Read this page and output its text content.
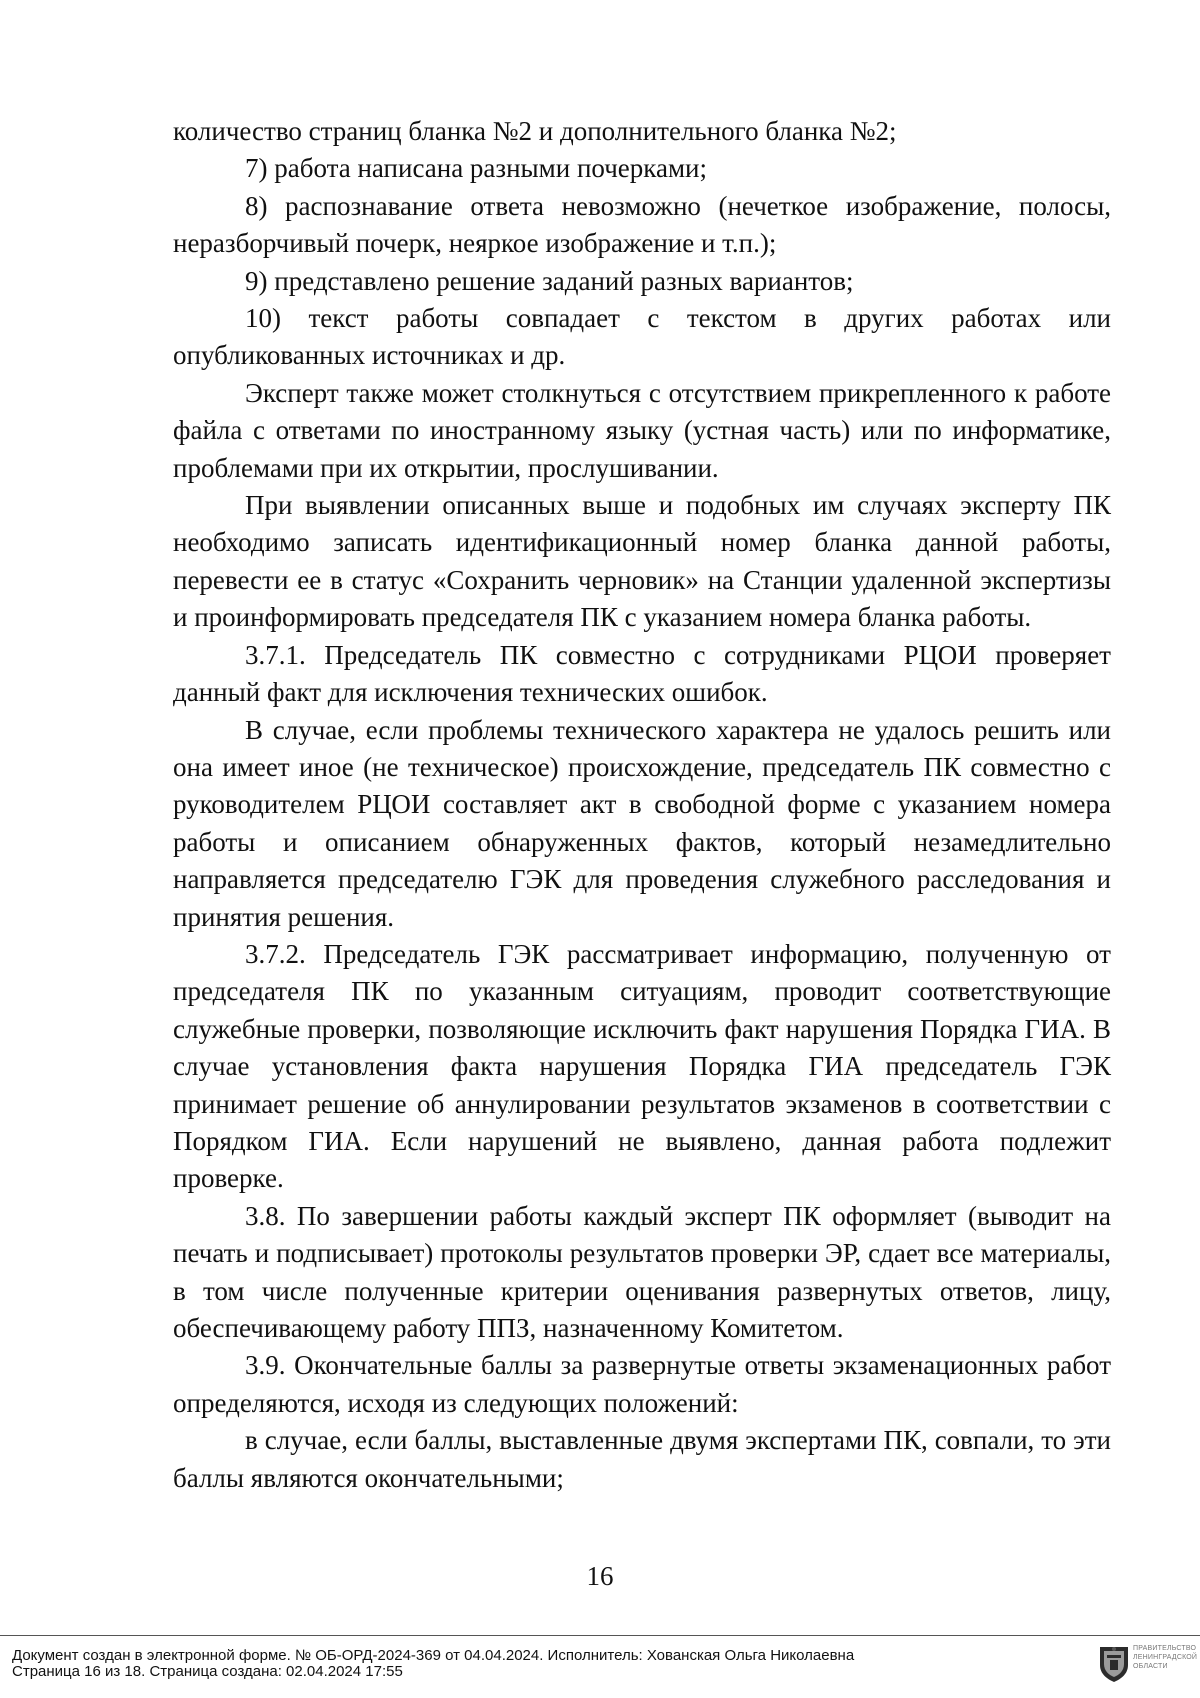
количество страниц бланка №2 и дополнительного бланка №2;

7) работа написана разными почерками;

8) распознавание ответа невозможно (нечеткое изображение, полосы, неразборчивый почерк, неяркое изображение и т.п.);

9) представлено решение заданий разных вариантов;

10) текст работы совпадает с текстом в других работах или опубликованных источниках и др.

Эксперт также может столкнуться с отсутствием прикрепленного к работе файла с ответами по иностранному языку (устная часть) или по информатике, проблемами при их открытии, прослушивании.

При выявлении описанных выше и подобных им случаях эксперту ПК необходимо записать идентификационный номер бланка данной работы, перевести ее в статус «Сохранить черновик» на Станции удаленной экспертизы и проинформировать председателя ПК с указанием номера бланка работы.

3.7.1. Председатель ПК совместно с сотрудниками РЦОИ проверяет данный факт для исключения технических ошибок.

В случае, если проблемы технического характера не удалось решить или она имеет иное (не техническое) происхождение, председатель ПК совместно с руководителем РЦОИ составляет акт в свободной форме с указанием номера работы и описанием обнаруженных фактов, который незамедлительно направляется председателю ГЭК для проведения служебного расследования и принятия решения.

3.7.2. Председатель ГЭК рассматривает информацию, полученную от председателя ПК по указанным ситуациям, проводит соответствующие служебные проверки, позволяющие исключить факт нарушения Порядка ГИА. В случае установления факта нарушения Порядка ГИА председатель ГЭК принимает решение об аннулировании результатов экзаменов в соответствии с Порядком ГИА. Если нарушений не выявлено, данная работа подлежит проверке.

3.8. По завершении работы каждый эксперт ПК оформляет (выводит на печать и подписывает) протоколы результатов проверки ЭР, сдает все материалы, в том числе полученные критерии оценивания развернутых ответов, лицу, обеспечивающему работу ППЗ, назначенному Комитетом.

3.9. Окончательные баллы за развернутые ответы экзаменационных работ определяются, исходя из следующих положений:

в случае, если баллы, выставленные двумя экспертами ПК, совпали, то эти баллы являются окончательными;

16
Документ создан в электронной форме. № ОБ-ОРД-2024-369 от 04.04.2024. Исполнитель: Хованская Ольга Николаевна
Страница 16 из 18. Страница создана: 02.04.2024 17:55
ПРАВИТЕЛЬСТВО ЛЕНИНГРАДСКОЙ ОБЛАСТИ
